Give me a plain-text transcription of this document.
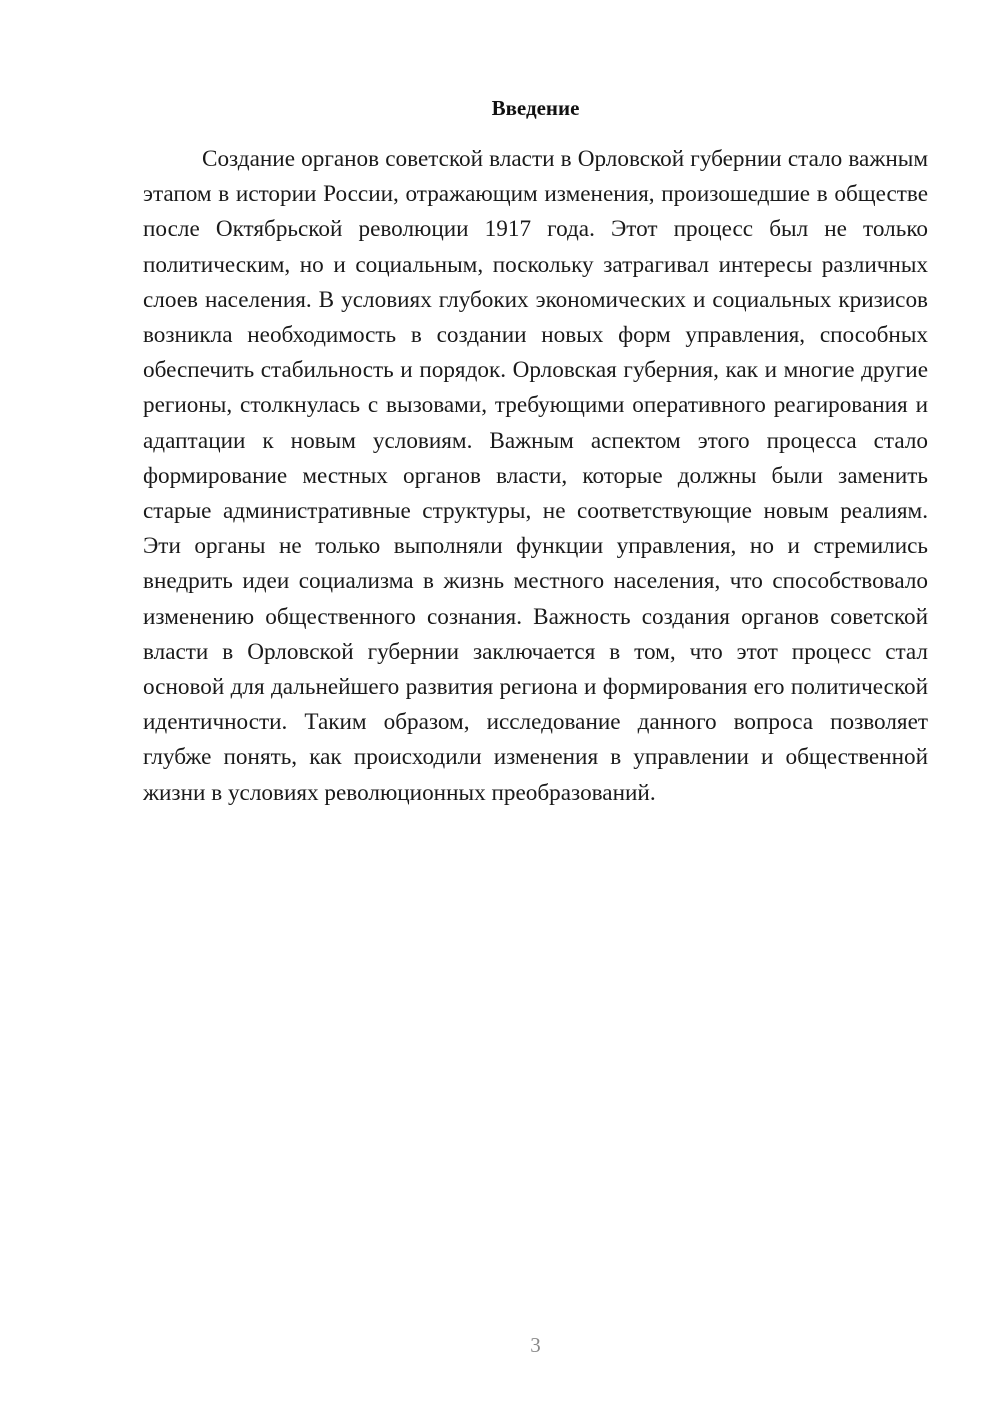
Введение

Создание органов советской власти в Орловской губернии стало важным этапом в истории России, отражающим изменения, произошедшие в обществе после Октябрьской революции 1917 года. Этот процесс был не только политическим, но и социальным, поскольку затрагивал интересы различных слоев населения. В условиях глубоких экономических и социальных кризисов возникла необходимость в создании новых форм управления, способных обеспечить стабильность и порядок. Орловская губерния, как и многие другие регионы, столкнулась с вызовами, требующими оперативного реагирования и адаптации к новым условиям. Важным аспектом этого процесса стало формирование местных органов власти, которые должны были заменить старые административные структуры, не соответствующие новым реалиям. Эти органы не только выполняли функции управления, но и стремились внедрить идеи социализма в жизнь местного населения, что способствовало изменению общественного сознания. Важность создания органов советской власти в Орловской губернии заключается в том, что этот процесс стал основой для дальнейшего развития региона и формирования его политической идентичности. Таким образом, исследование данного вопроса позволяет глубже понять, как происходили изменения в управлении и общественной жизни в условиях революционных преобразований.

3
